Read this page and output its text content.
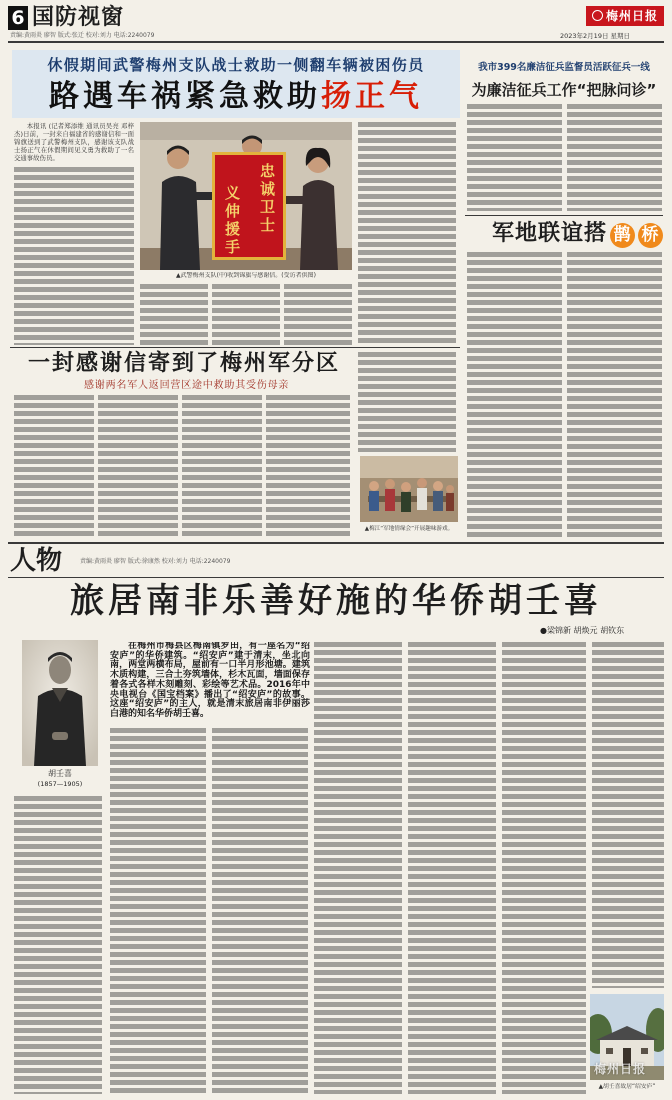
6 国防视窗
责编:黄雨炎 廖智 版式:张迁 校对:刘力 电话:2240079
梅州日报
2023年2月19日 星期日
休假期间武警梅州支队战士救助一侧翻车辆被困伤员
路遇车祸紧急救助扬正气
本报讯 (记者郑添维 通讯员吴亮 邓梓杰)日前，一封来自福建省的感谢信和一面锦旗送到了武警梅州支队，感谢该支队战士扬正气在休假期间见义勇为救助了一名交通事故伤员。
忠诚卫士
义伸援手
▲武警梅州支队(中)收到锦旗与感谢信。(受访者供图)
我市399名廉洁征兵监督员活跃征兵一线
为廉洁征兵工作“把脉问诊”
军地联谊搭 鹊 桥
▲梅江“军地情缘会”开展趣味游戏。
一封感谢信寄到了梅州军分区
感谢两名军人返回营区途中救助其受伤母亲
人物	责编:黄雨炎 廖智 版式:徐康然 校对:刘力 电话:2240079
旅居南非乐善好施的华侨胡壬喜
●梁锦新 胡焕元 胡钦东
胡壬喜
(1857—1905)
在梅州市梅县区梅南镇罗田，有一座名为“绍安庐”的华侨建筑。“绍安庐”建于清末，坐北向南，两堂两横布局，屋前有一口半月形池塘。建筑木质构建，三合土夯筑墙体，杉木瓦面，墙面保存着各式各样木刻雕刻、彩绘等艺术品。2016年中央电视台《国宝档案》播出了“绍安庐”的故事。这座“绍安庐”的主人，就是清末旅居南非伊丽莎白港的知名华侨胡壬喜。
梅州日报
▲胡壬喜故居“绍安庐”
